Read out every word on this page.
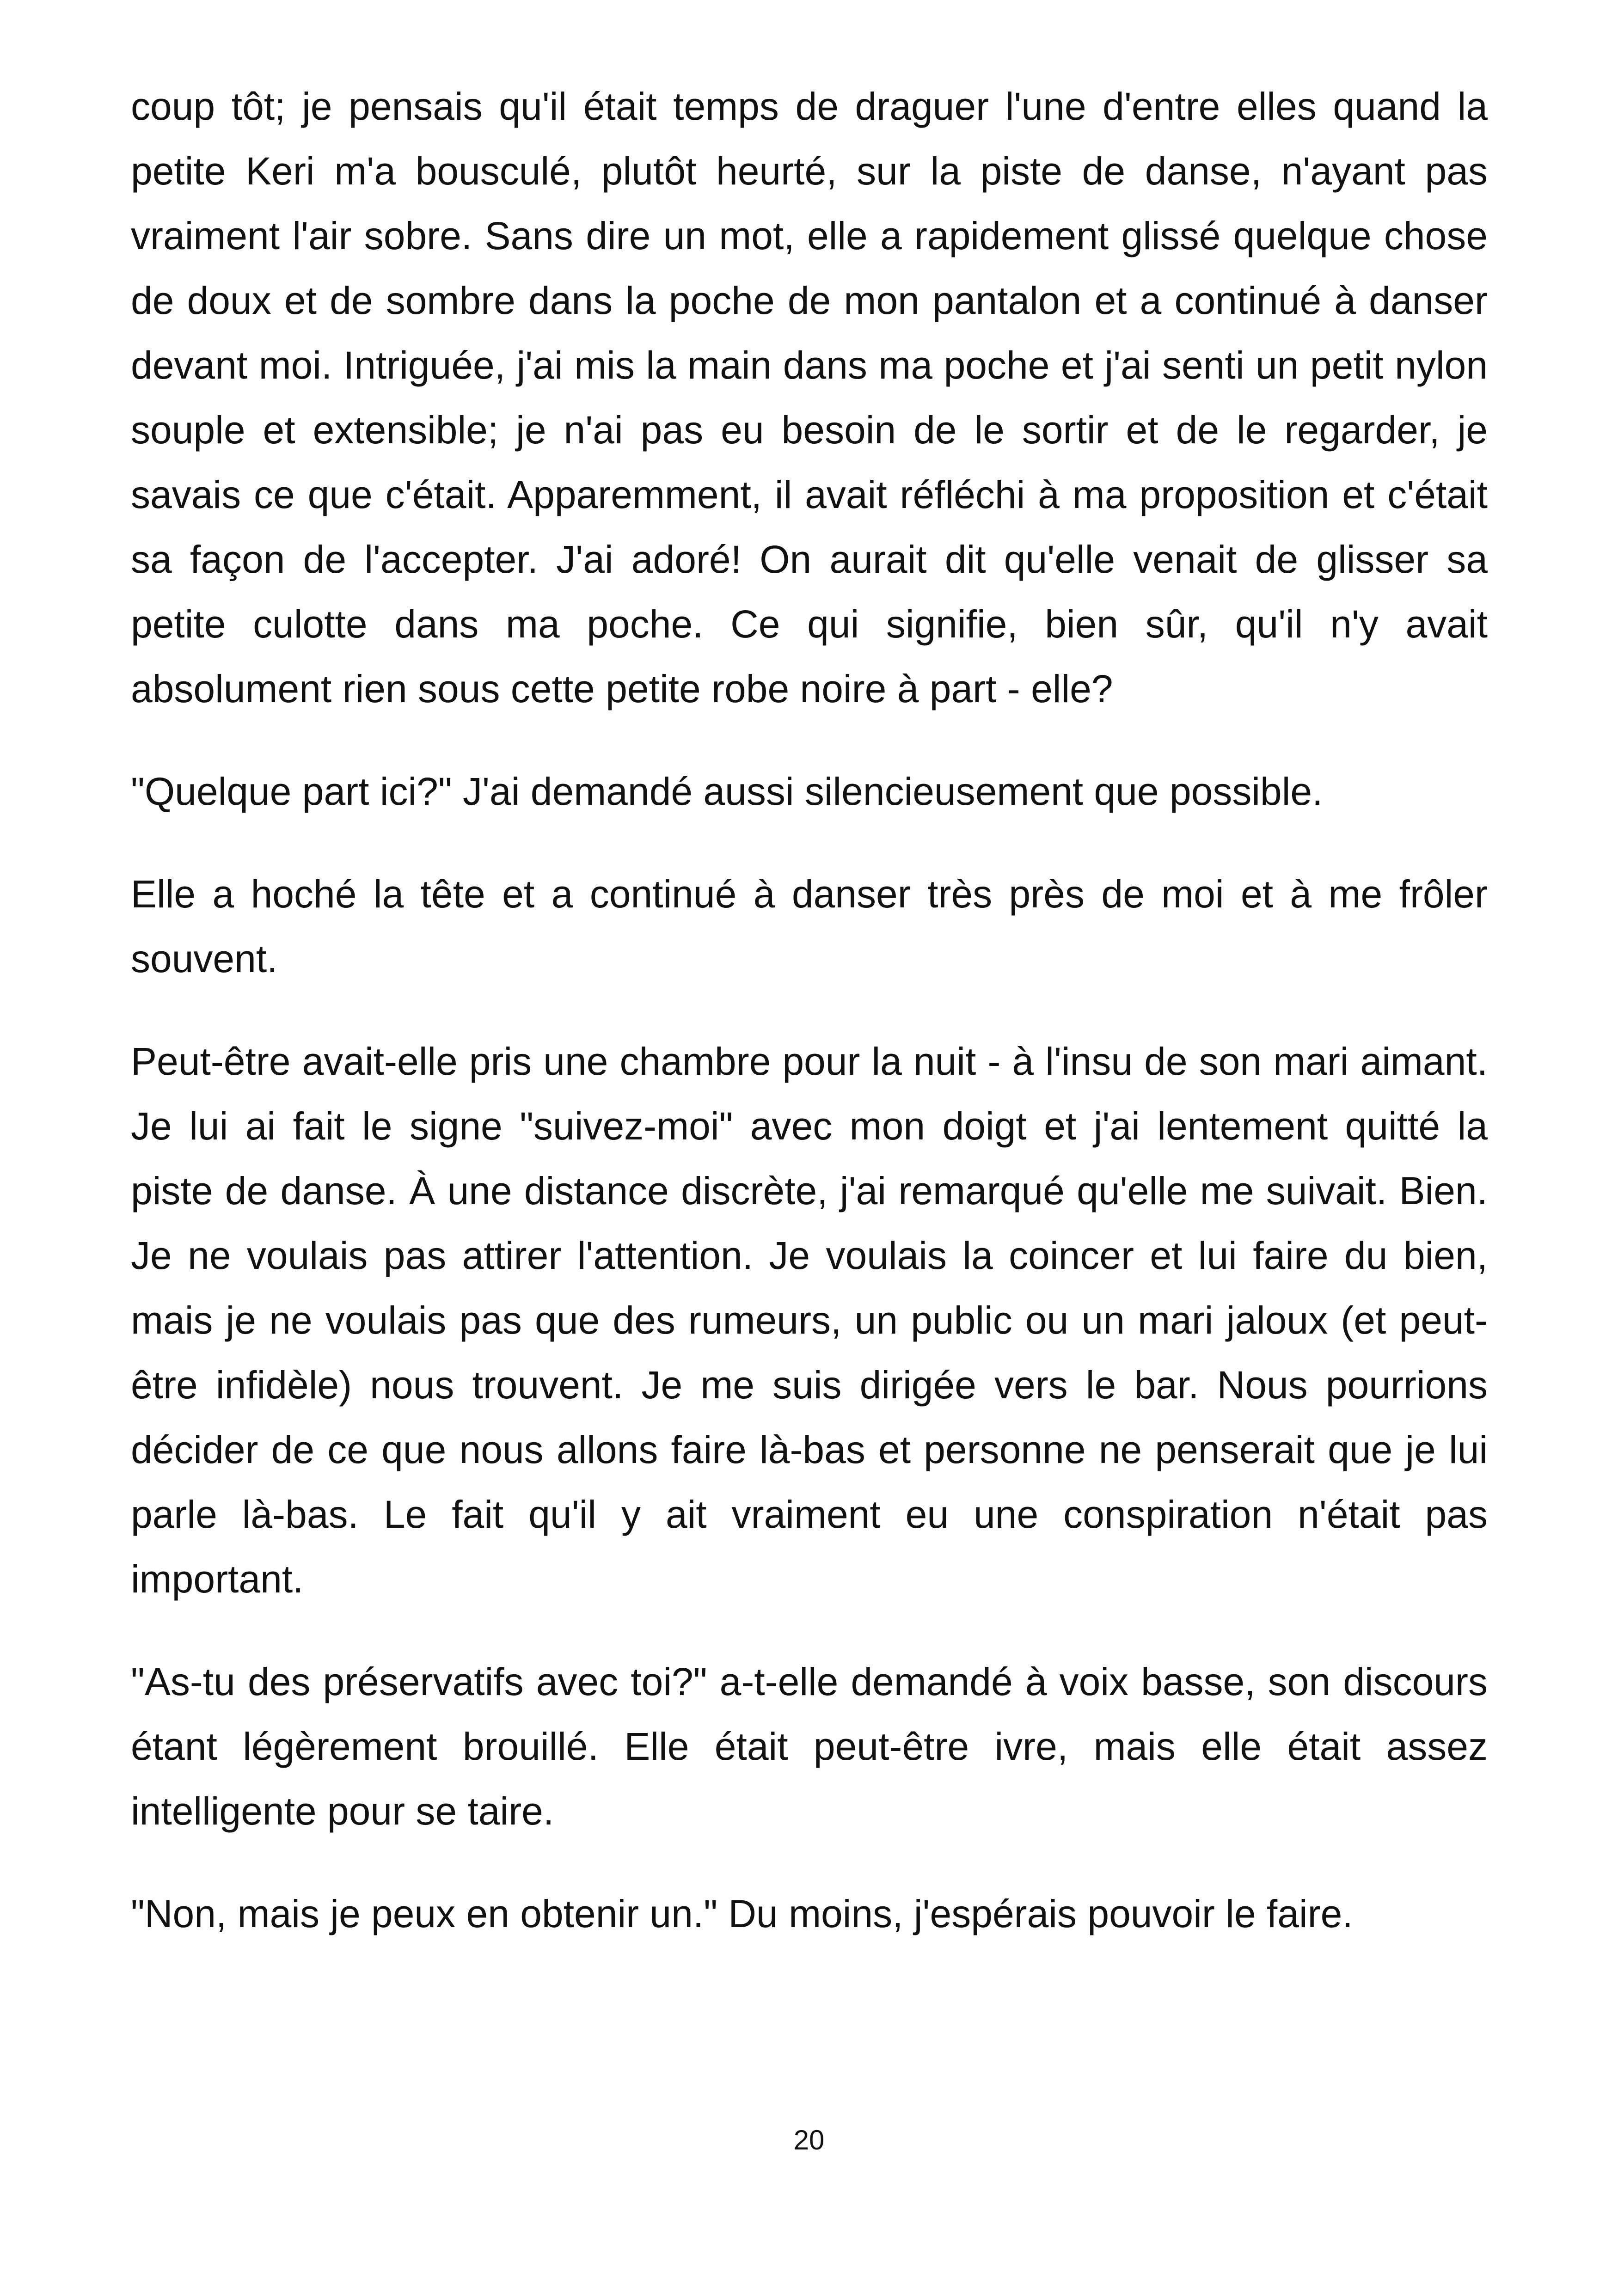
coup tôt; je pensais qu'il était temps de draguer l'une d'entre elles quand la petite Keri m'a bousculé, plutôt heurté, sur la piste de danse, n'ayant pas vraiment l'air sobre. Sans dire un mot, elle a rapidement glissé quelque chose de doux et de sombre dans la poche de mon pantalon et a continué à danser devant moi. Intriguée, j'ai mis la main dans ma poche et j'ai senti un petit nylon souple et extensible; je n'ai pas eu besoin de le sortir et de le regarder, je savais ce que c'était. Apparemment, il avait réfléchi à ma proposition et c'était sa façon de l'accepter. J'ai adoré! On aurait dit qu'elle venait de glisser sa petite culotte dans ma poche. Ce qui signifie, bien sûr, qu'il n'y avait absolument rien sous cette petite robe noire à part - elle?

"Quelque part ici?" J'ai demandé aussi silencieusement que possible.

Elle a hoché la tête et a continué à danser très près de moi et à me frôler souvent.

Peut-être avait-elle pris une chambre pour la nuit - à l'insu de son mari aimant. Je lui ai fait le signe "suivez-moi" avec mon doigt et j'ai lentement quitté la piste de danse. À une distance discrète, j'ai remarqué qu'elle me suivait. Bien. Je ne voulais pas attirer l'attention. Je voulais la coincer et lui faire du bien, mais je ne voulais pas que des rumeurs, un public ou un mari jaloux (et peut-être infidèle) nous trouvent. Je me suis dirigée vers le bar. Nous pourrions décider de ce que nous allons faire là-bas et personne ne penserait que je lui parle là-bas. Le fait qu'il y ait vraiment eu une conspiration n'était pas important.

"As-tu des préservatifs avec toi?" a-t-elle demandé à voix basse, son discours étant légèrement brouillé. Elle était peut-être ivre, mais elle était assez intelligente pour se taire.

"Non, mais je peux en obtenir un." Du moins, j'espérais pouvoir le faire.

20
